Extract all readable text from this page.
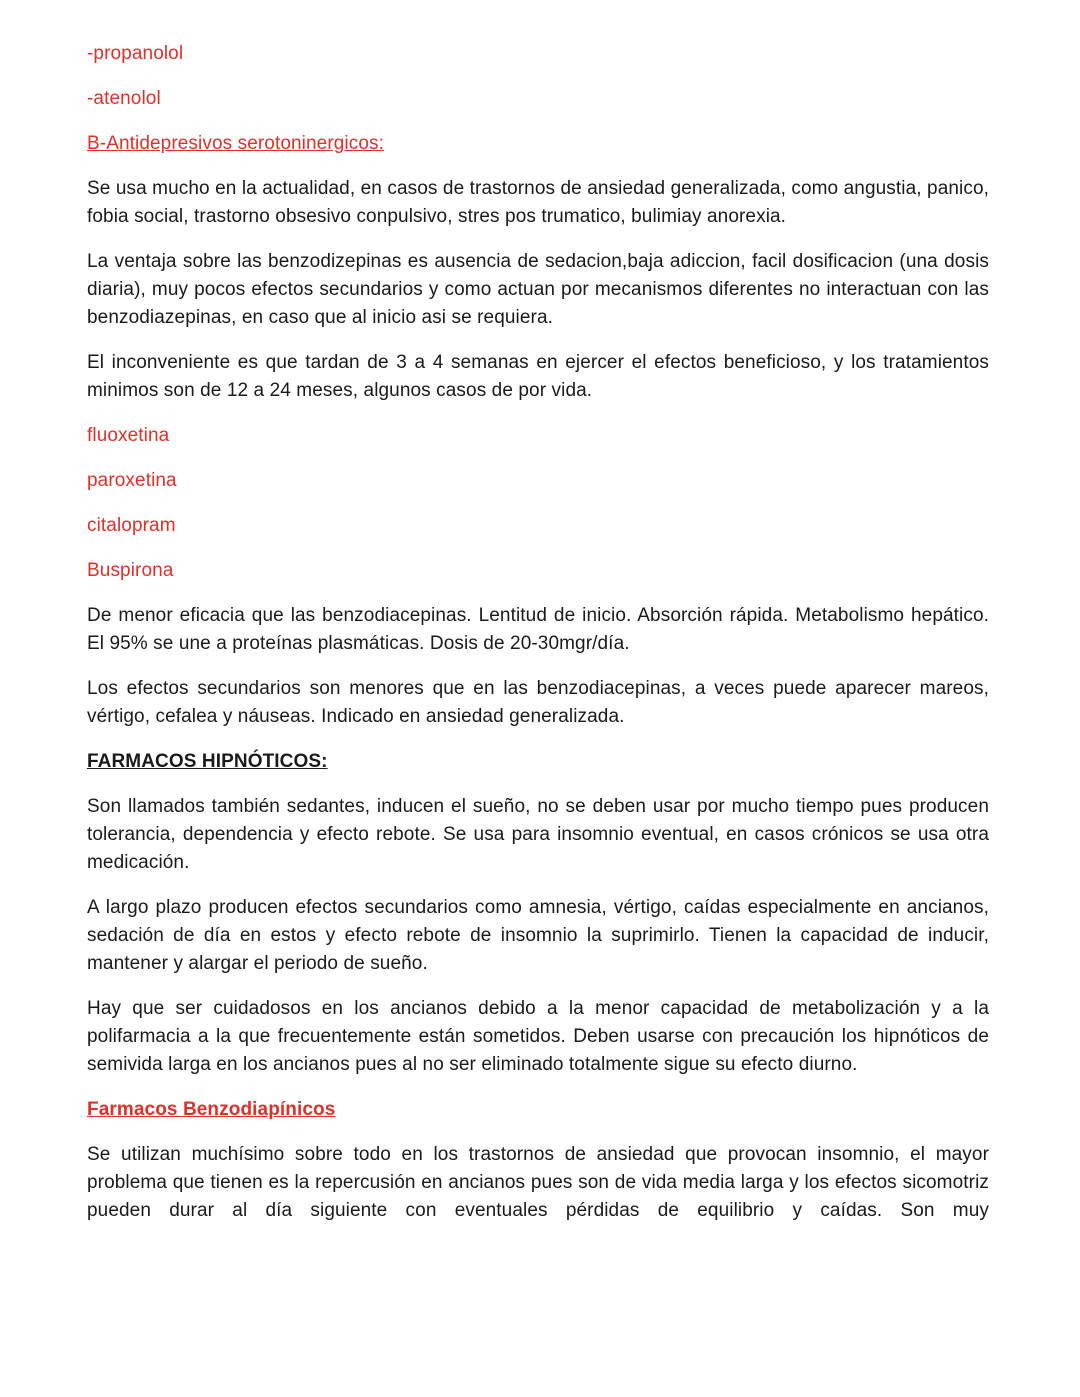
-propanolol

-atenolol

B-Antidepresivos serotoninergicos:

Se usa mucho en la actualidad, en casos de trastornos de ansiedad generalizada, como angustia, panico, fobia social, trastorno obsesivo conpulsivo, stres pos trumatico, bulimiay anorexia.

La ventaja sobre las benzodizepinas es ausencia de sedacion,baja adiccion, facil dosificacion (una dosis diaria), muy pocos efectos secundarios y como actuan por mecanismos diferentes no interactuan con las benzodiazepinas, en caso que al inicio asi se requiera.

El inconveniente es que tardan de 3 a 4 semanas en ejercer el efectos beneficioso, y los tratamientos minimos son de 12 a 24 meses, algunos casos de por vida.

fluoxetina

paroxetina

citalopram

Buspirona

De menor eficacia que las benzodiacepinas. Lentitud de inicio. Absorción rápida. Metabolismo hepático. El 95% se une a proteínas plasmáticas. Dosis de 20-30mgr/día.

Los efectos secundarios son menores que en las benzodiacepinas, a veces puede aparecer mareos, vértigo, cefalea y náuseas. Indicado en ansiedad generalizada.

FARMACOS HIPNÓTICOS:

Son llamados también sedantes, inducen el sueño, no se deben usar por mucho tiempo pues producen tolerancia, dependencia y efecto rebote. Se usa para insomnio eventual, en casos crónicos se usa otra medicación.

A largo plazo producen efectos secundarios como amnesia, vértigo, caídas especialmente en ancianos, sedación de día en estos y efecto rebote de insomnio la suprimirlo. Tienen la capacidad de inducir, mantener y alargar el periodo de sueño.

Hay que ser cuidadosos en los ancianos debido a la menor capacidad de metabolización y a la polifarmacia a la que frecuentemente están sometidos. Deben usarse con precaución los hipnóticos de semivida larga en los ancianos pues al no ser eliminado totalmente sigue su efecto diurno.

Farmacos Benzodiapínicos

Se utilizan muchísimo sobre todo en los trastornos de ansiedad que provocan insomnio, el mayor problema que tienen es la repercusión en ancianos pues son de vida media larga y los efectos sicomotriz pueden durar al día siguiente con eventuales pérdidas de equilibrio y caídas. Son muy
